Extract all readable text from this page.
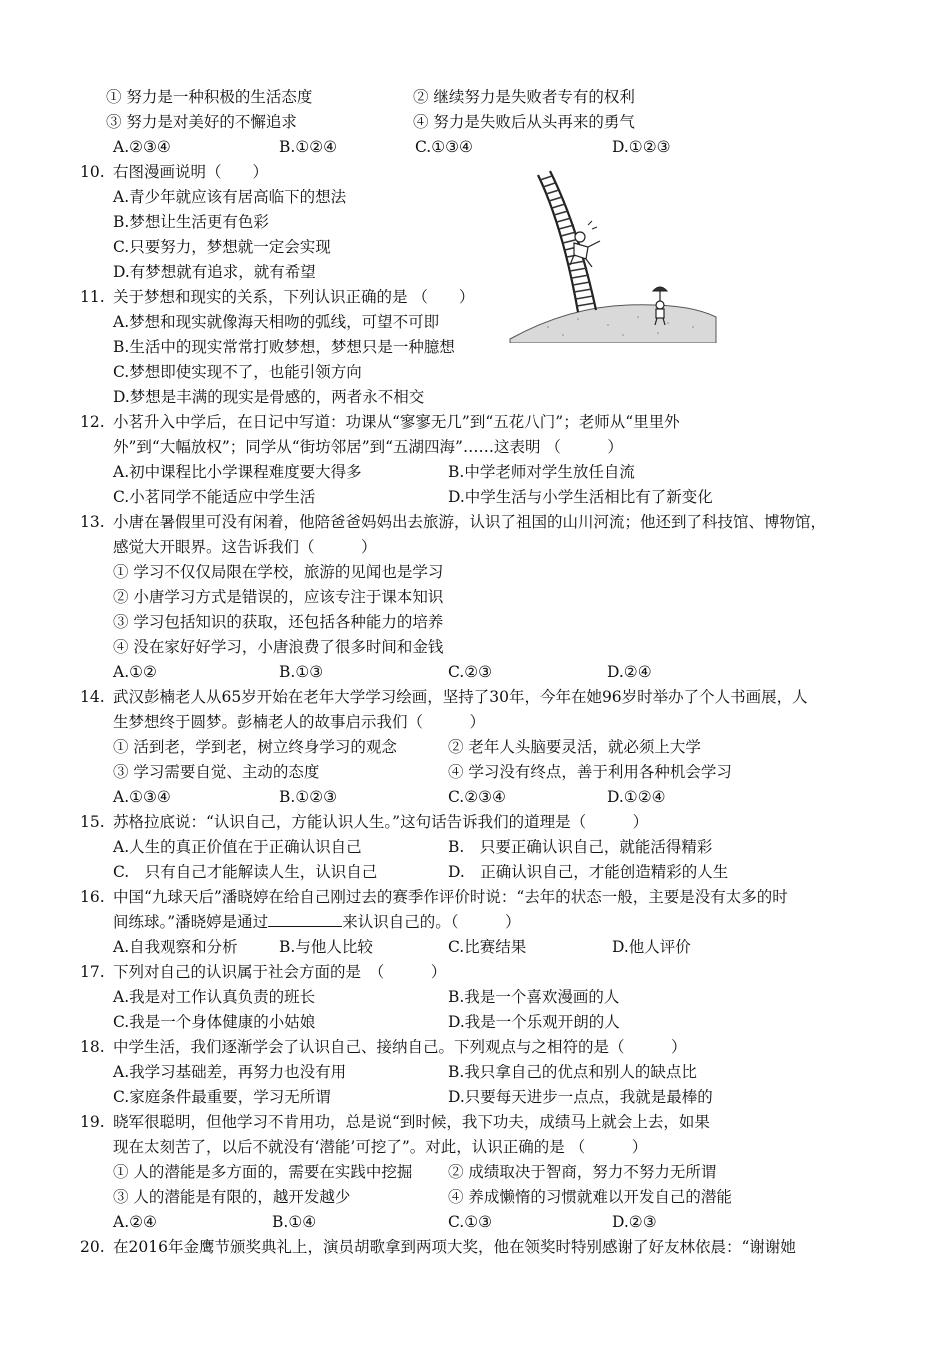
① 努力是一种积极的生活态度	② 继续努力是失败者专有的权利
③ 努力是对美好的不懈追求	④ 努力是失败后从头再来的勇气
A.②③④	B.①②④	C.①③④	D.①②③
10. 右图漫画说明（　　）
A.青少年就应该有居高临下的想法
B.梦想让生活更有色彩
C.只要努力，梦想就一定会实现
D.有梦想就有追求，就有希望
11. 关于梦想和现实的关系，下列认识正确的是 （　　）
A.梦想和现实就像海天相吻的弧线，可望不可即
B.生活中的现实常常打败梦想，梦想只是一种臆想
C.梦想即使实现不了，也能引领方向
D.梦想是丰满的现实是骨感的，两者永不相交
12. 小茗升入中学后，在日记中写道：功课从“寥寥无几”到“五花八门”；老师从“里里外
外”到“大幅放权”；同学从“街坊邻居”到“五湖四海”……这表明 （　　　）
A.初中课程比小学课程难度要大得多	B.中学老师对学生放任自流
C.小茗同学不能适应中学生活	D.中学生活与小学生活相比有了新变化
13. 小唐在暑假里可没有闲着，他陪爸爸妈妈出去旅游，认识了祖国的山川河流；他还到了科技馆、博物馆，
感觉大开眼界。这告诉我们（　　　）
① 学习不仅仅局限在学校，旅游的见闻也是学习
② 小唐学习方式是错误的，应该专注于课本知识
③ 学习包括知识的获取，还包括各种能力的培养
④ 没在家好好学习，小唐浪费了很多时间和金钱
A.①②	B.①③	C.②③	D.②④
14. 武汉彭楠老人从65岁开始在老年大学学习绘画，坚持了30年，今年在她96岁时举办了个人书画展，人
生梦想终于圆梦。彭楠老人的故事启示我们（　　　）
① 活到老，学到老，树立终身学习的观念	② 老年人头脑要灵活，就必须上大学
③ 学习需要自觉、主动的态度	④ 学习没有终点，善于利用各种机会学习
A.①③④	B.①②③	C.②③④	D.①②④
15. 苏格拉底说：“认识自己，方能认识人生。”这句话告诉我们的道理是（　　　）
A.人生的真正价值在于正确认识自己	B.　只要正确认识自己，就能活得精彩
C.　只有自己才能解读人生，认识自己	D.　正确认识自己，才能创造精彩的人生
16. 中国“九球天后”潘晓婷在给自己刚过去的赛季作评价时说：“去年的状态一般，主要是没有太多的时
间练球。”潘晓婷是通过	来认识自己的。（　　　）
A.自我观察和分析	B.与他人比较	C.比赛结果	D.他人评价
17. 下列对自己的认识属于社会方面的是　（　　　）
A.我是对工作认真负责的班长	B.我是一个喜欢漫画的人
C.我是一个身体健康的小姑娘	D.我是一个乐观开朗的人
18. 中学生活，我们逐渐学会了认识自己、接纳自己。下列观点与之相符的是（　　　）
A.我学习基础差，再努力也没有用	B.我只拿自己的优点和别人的缺点比
C.家庭条件最重要，学习无所谓	D.只要每天进步一点点，我就是最棒的
19. 晓军很聪明，但他学习不肯用功，总是说“到时候，我下功夫，成绩马上就会上去，如果
现在太刻苦了，以后不就没有‘潜能’可挖了”。对此，认识正确的是 （　　　）
① 人的潜能是多方面的，需要在实践中挖掘 ② 成绩取决于智商，努力不努力无所谓
③ 人的潜能是有限的，越开发越少	④ 养成懒惰的习惯就难以开发自己的潜能
A.②④	B.①④	C.①③	D.②③
20. 在2016年金鹰节颁奖典礼上，演员胡歌拿到两项大奖，他在领奖时特别感谢了好友林依晨：“谢谢她
